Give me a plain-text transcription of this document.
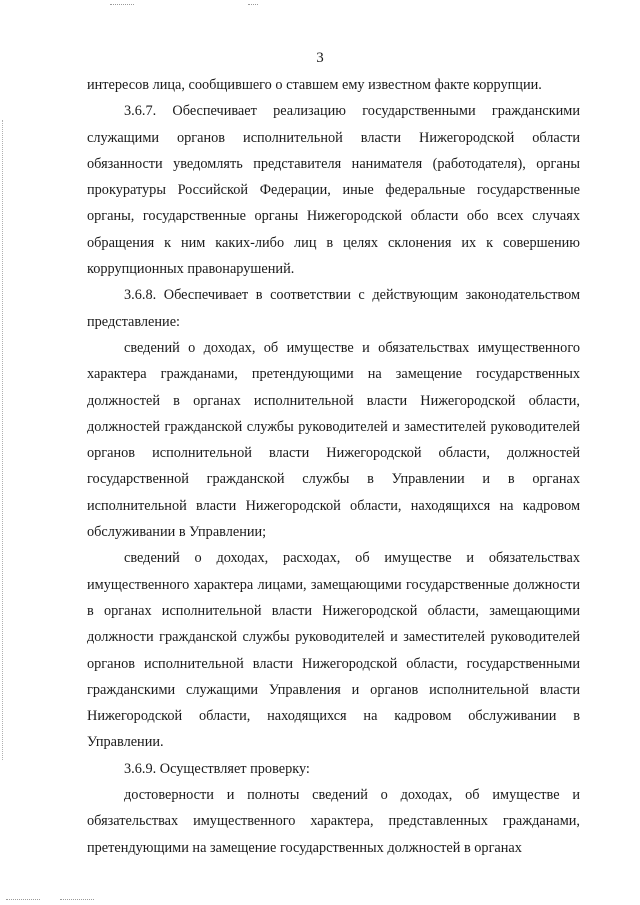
3

интересов лица, сообщившего о ставшем ему известном факте коррупции.

3.6.7. Обеспечивает реализацию государственными гражданскими служащими органов исполнительной власти Нижегородской области обязанности уведомлять представителя нанимателя (работодателя), органы прокуратуры Российской Федерации, иные федеральные государственные органы, государственные органы Нижегородской области обо всех случаях обращения к ним каких-либо лиц в целях склонения их к совершению коррупционных правонарушений.

3.6.8. Обеспечивает в соответствии с действующим законодательством представление:

сведений о доходах, об имуществе и обязательствах имущественного характера гражданами, претендующими на замещение государственных должностей в органах исполнительной власти Нижегородской области, должностей гражданской службы руководителей и заместителей руководителей органов исполнительной власти Нижегородской области, должностей государственной гражданской службы в Управлении и в органах исполнительной власти Нижегородской области, находящихся на кадровом обслуживании в Управлении;

сведений о доходах, расходах, об имуществе и обязательствах имущественного характера лицами, замещающими государственные должности в органах исполнительной власти Нижегородской области, замещающими должности гражданской службы руководителей и заместителей руководителей органов исполнительной власти Нижегородской области, государственными гражданскими служащими Управления и органов исполнительной власти Нижегородской области, находящихся на кадровом обслуживании в Управлении.

3.6.9. Осуществляет проверку:

достоверности и полноты сведений о доходах, об имуществе и обязательствах имущественного характера, представленных гражданами, претендующими на замещение государственных должностей в органах
